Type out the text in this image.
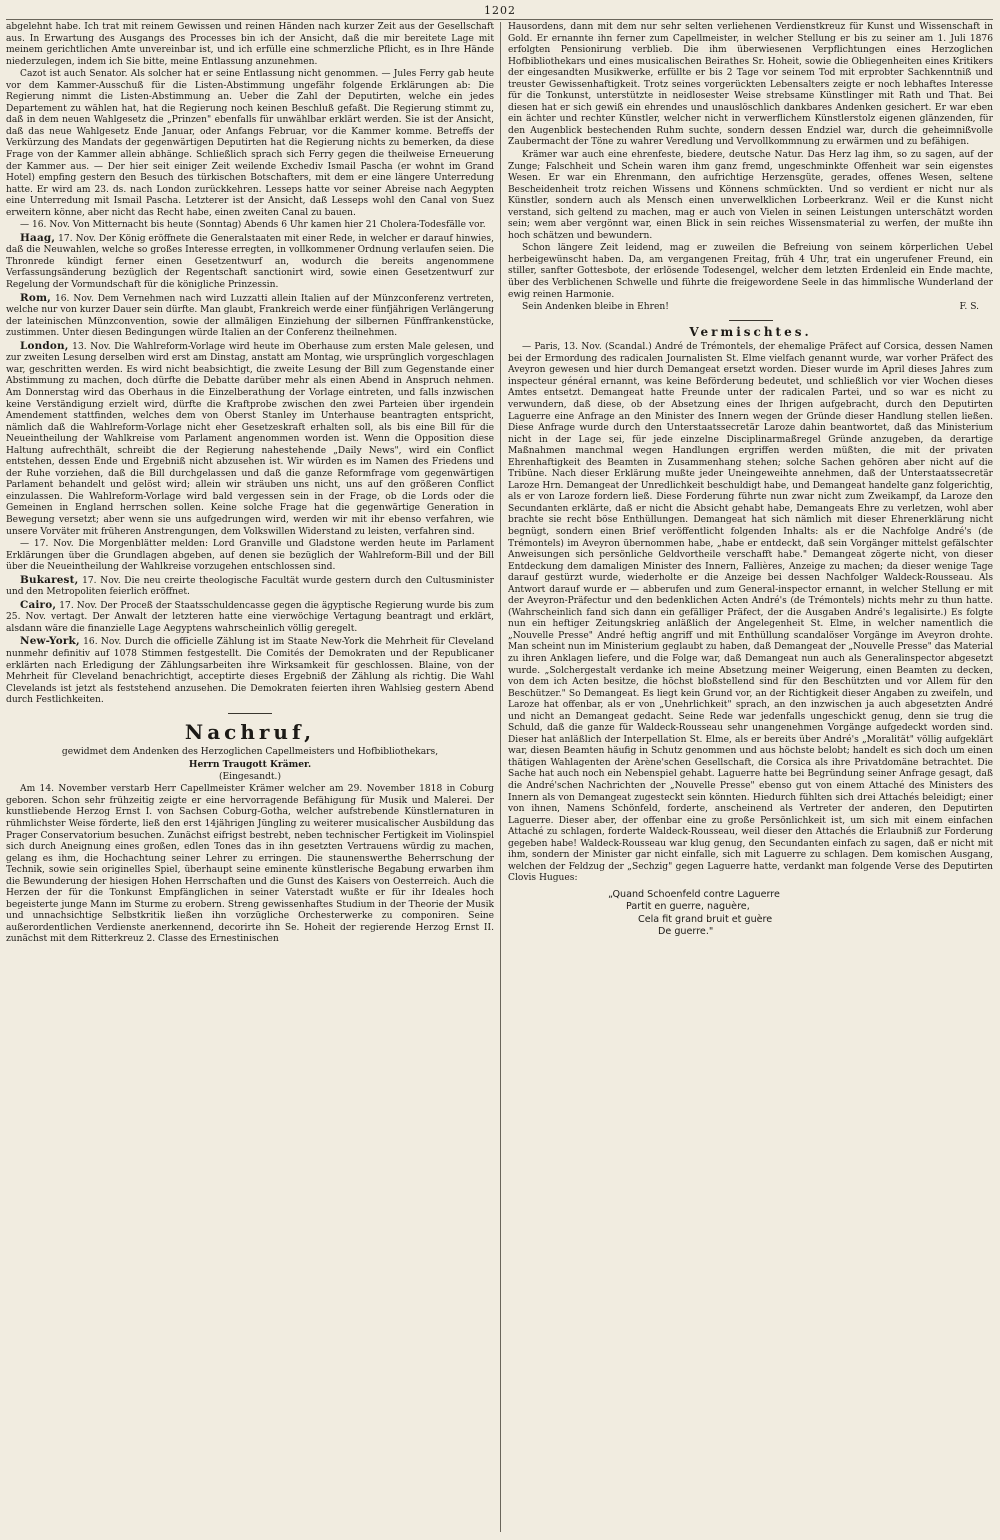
1202

abgelehnt habe. Ich trat mit reinem Gewissen und reinen Händen nach kurzer Zeit aus der Gesellschaft aus. In Erwartung des Ausgangs des Processes bin ich der Ansicht, daß die mir bereitete Lage mit meinem gerichtlichen Amte unvereinbar ist, und ich erfülle eine schmerzliche Pflicht, es in Ihre Hände niederzulegen, indem ich Sie bitte, meine Entlassung anzunehmen.

Cazot ist auch Senator. Als solcher hat er seine Entlassung nicht genommen. — Jules Ferry gab heute vor dem Kammer-Ausschuß für die Listen-Abstimmung ungefähr folgende Erklärungen ab: Die Regierung nimmt die Listen-Abstimmung an. Ueber die Zahl der Deputirten, welche ein jedes Departement zu wählen hat, hat die Regierung noch keinen Beschluß gefaßt. Die Regierung stimmt zu, daß in dem neuen Wahlgesetz die „Prinzen" ebenfalls für unwählbar erklärt werden. Sie ist der Ansicht, daß das neue Wahlgesetz Ende Januar, oder Anfangs Februar, vor die Kammer komme. Betreffs der Verkürzung des Mandats der gegenwärtigen Deputirten hat die Regierung nichts zu bemerken, da diese Frage von der Kammer allein abhänge. Schließlich sprach sich Ferry gegen die theilweise Erneuerung der Kammer aus. — Der hier seit einiger Zeit weilende Exchediv Ismail Pascha (er wohnt im Grand Hotel) empfing gestern den Besuch des türkischen Botschafters, mit dem er eine längere Unterredung hatte. Er wird am 23. ds. nach London zurückkehren. Lesseps hatte vor seiner Abreise nach Aegypten eine Unterredung mit Ismail Pascha. Letzterer ist der Ansicht, daß Lesseps wohl den Canal von Suez erweitern könne, aber nicht das Recht habe, einen zweiten Canal zu bauen.

— 16. Nov. Von Mitternacht bis heute (Sonntag) Abends 6 Uhr kamen hier 21 Cholera-Todesfälle vor.

Haag, 17. Nov. Der König eröffnete die Generalstaaten mit einer Rede, in welcher er darauf hinwies, daß die Neuwahlen, welche so großes Interesse erregten, in vollkommener Ordnung verlaufen seien. Die Thronrede kündigt ferner einen Gesetzentwurf an, wodurch die bereits angenommene Verfassungsänderung bezüglich der Regentschaft sanctionirt wird, sowie einen Gesetzentwurf zur Regelung der Vormundschaft für die königliche Prinzessin.

Rom, 16. Nov. Dem Vernehmen nach wird Luzzatti allein Italien auf der Münzconferenz vertreten, welche nur von kurzer Dauer sein dürfte. Man glaubt, Frankreich werde einer fünfjährigen Verlängerung der lateinischen Münzconvention, sowie der allmäligen Einziehung der silbernen Fünffrankenstücke, zustimmen. Unter diesen Bedingungen würde Italien an der Conferenz theilnehmen.

London, 13. Nov. Die Wahlreform-Vorlage wird heute im Oberhause zum ersten Male gelesen, und zur zweiten Lesung derselben wird erst am Dinstag, anstatt am Montag, wie ursprünglich vorgeschlagen war, geschritten werden. Es wird nicht beabsichtigt, die zweite Lesung der Bill zum Gegenstande einer Abstimmung zu machen, doch dürfte die Debatte darüber mehr als einen Abend in Anspruch nehmen. Am Donnerstag wird das Oberhaus in die Einzelberathung der Vorlage eintreten, und falls inzwischen keine Verständigung erzielt wird, dürfte die Kraftprobe zwischen den zwei Parteien über irgendein Amendement stattfinden, welches dem von Oberst Stanley im Unterhause beantragten entspricht, nämlich daß die Wahlreform-Vorlage nicht eher Gesetzeskraft erhalten soll, als bis eine Bill für die Neueintheilung der Wahlkreise vom Parlament angenommen worden ist. Wenn die Opposition diese Haltung aufrechthält, schreibt die der Regierung nahestehende „Daily News", wird ein Conflict entstehen, dessen Ende und Ergebniß nicht abzusehen ist. Wir würden es im Namen des Friedens und der Ruhe vorziehen, daß die Bill durchgelassen und daß die ganze Reformfrage vom gegenwärtigen Parlament behandelt und gelöst wird; allein wir sträuben uns nicht, uns auf den größeren Conflict einzulassen. Die Wahlreform-Vorlage wird bald vergessen sein in der Frage, ob die Lords oder die Gemeinen in England herrschen sollen. Keine solche Frage hat die gegenwärtige Generation in Bewegung versetzt; aber wenn sie uns aufgedrungen wird, werden wir mit ihr ebenso verfahren, wie unsere Vorväter mit früheren Anstrengungen, dem Volkswillen Widerstand zu leisten, verfahren sind.

— 17. Nov. Die Morgenblätter melden: Lord Granville und Gladstone werden heute im Parlament Erklärungen über die Grundlagen abgeben, auf denen sie bezüglich der Wahlreform-Bill und der Bill über die Neueintheilung der Wahlkreise vorzugehen entschlossen sind.

Bukarest, 17. Nov. Die neu creirte theologische Facultät wurde gestern durch den Cultusminister und den Metropoliten feierlich eröffnet.

Cairo, 17. Nov. Der Proceß der Staatsschuldencasse gegen die ägyptische Regierung wurde bis zum 25. Nov. vertagt. Der Anwalt der letzteren hatte eine vierwöchige Vertagung beantragt und erklärt, alsdann wäre die finanzielle Lage Aegyptens wahrscheinlich völlig geregelt.

New-York, 16. Nov. Durch die officielle Zählung ist im Staate New-York die Mehrheit für Cleveland nunmehr definitiv auf 1078 Stimmen festgestellt. Die Comités der Demokraten und der Republicaner erklärten nach Erledigung der Zählungsarbeiten ihre Wirksamkeit für geschlossen. Blaine, von der Mehrheit für Cleveland benachrichtigt, acceptirte dieses Ergebniß der Zählung als richtig. Die Wahl Clevelands ist jetzt als feststehend anzusehen. Die Demokraten feierten ihren Wahlsieg gestern Abend durch Festlichkeiten.

Nachruf,

gewidmet dem Andenken des Herzoglichen Capellmeisters und Hofbibliothekars,

Herrn Traugott Krämer.

(Eingesandt.)

Am 14. November verstarb Herr Capellmeister Krämer welcher am 29. November 1818 in Coburg geboren. Schon sehr frühzeitig zeigte er eine hervorragende Befähigung für Musik und Malerei. Der kunstliebende Herzog Ernst I. von Sachsen Coburg-Gotha, welcher aufstrebende Künstlernaturen in rühmlichster Weise förderte, ließ den erst 14jährigen Jüngling zu weiterer musicalischer Ausbildung das Prager Conservatorium besuchen. Zunächst eifrigst bestrebt, neben technischer Fertigkeit im Violinspiel sich durch Aneignung eines großen, edlen Tones das in ihn gesetzten Vertrauens würdig zu machen, gelang es ihm, die Hochachtung seiner Lehrer zu erringen. Die staunenswerthe Beherrschung der Technik, sowie sein originelles Spiel, überhaupt seine eminente künstlerische Begabung erwarben ihm die Bewunderung der hiesigen Hohen Herrschaften und die Gunst des Kaisers von Oesterreich. Auch die Herzen der für die Tonkunst Empfänglichen in seiner Vaterstadt wußte er für ihr Ideales hoch begeisterte junge Mann im Sturme zu erobern. Streng gewissenhaftes Studium in der Theorie der Musik und unnachsichtige Selbstkritik ließen ihn vorzügliche Orchesterwerke zu componiren. Seine außerordentlichen Verdienste anerkennend, decorirte ihn Se. Hoheit der regierende Herzog Ernst II. zunächst mit dem Ritterkreuz 2. Classe des Ernestinischen

Hausordens, dann mit dem nur sehr selten verliehenen Verdienstkreuz für Kunst und Wissenschaft in Gold. Er ernannte ihn ferner zum Capellmeister, in welcher Stellung er bis zu seiner am 1. Juli 1876 erfolgten Pensionirung verblieb. Die ihm überwiesenen Verpflichtungen eines Herzoglichen Hofbibliothekars und eines musicalischen Beirathes Sr. Hoheit, sowie die Obliegenheiten eines Kritikers der eingesandten Musikwerke, erfüllte er bis 2 Tage vor seinem Tod mit erprobter Sachkenntniß und treuster Gewissenhaftigkeit. Trotz seines vorgerückten Lebensalters zeigte er noch lebhaftes Interesse für die Tonkunst, unterstützte in neidlosester Weise strebsame Künstlinger mit Rath und That. Bei diesen hat er sich gewiß ein ehrendes und unauslöschlich dankbares Andenken gesichert. Er war eben ein ächter und rechter Künstler, welcher nicht in verwerflichem Künstlerstolz eigenen glänzenden, für den Augenblick bestechenden Ruhm suchte, sondern dessen Endziel war, durch die geheimnißvolle Zaubermacht der Töne zu wahrer Veredlung und Vervollkommnung zu erwärmen und zu befähigen.

Krämer war auch eine ehrenfeste, biedere, deutsche Natur. Das Herz lag ihm, so zu sagen, auf der Zunge; Falschheit und Schein waren ihm ganz fremd, ungeschminkte Offenheit war sein eigenstes Wesen. Er war ein Ehrenmann, den aufrichtige Herzensgüte, gerades, offenes Wesen, seltene Bescheidenheit trotz reichen Wissens und Könnens schmückten. Und so verdient er nicht nur als Künstler, sondern auch als Mensch einen unverwelklichen Lorbeerkranz. Weil er die Kunst nicht verstand, sich geltend zu machen, mag er auch von Vielen in seinen Leistungen unterschätzt worden sein; wem aber vergönnt war, einen Blick in sein reiches Wissensmaterial zu werfen, der mußte ihn hoch schätzen und bewundern.

Schon längere Zeit leidend, mag er zuweilen die Befreiung von seinem körperlichen Uebel herbeigewünscht haben. Da, am vergangenen Freitag, früh 4 Uhr, trat ein ungerufener Freund, ein stiller, sanfter Gottesbote, der erlösende Todesengel, welcher dem letzten Erdenleid ein Ende machte, über des Verblichenen Schwelle und führte die freigewordene Seele in das himmlische Wunderland der ewig reinen Harmonie.

Sein Andenken bleibe in Ehren!	F. S.

Vermischtes.

— Paris, 13. Nov. (Scandal.) André de Trémontels, der ehemalige Präfect auf Corsica, dessen Namen bei der Ermordung des radicalen Journalisten St. Elme vielfach genannt wurde, war vorher Präfect des Aveyron gewesen und hier durch Demangeat ersetzt worden. Dieser wurde im April dieses Jahres zum inspecteur général ernannt, was keine Beförderung bedeutet, und schließlich vor vier Wochen dieses Amtes entsetzt. Demangeat hatte Freunde unter der radicalen Partei, und so war es nicht zu verwundern, daß diese, ob der Absetzung eines der Ihrigen aufgebracht, durch den Deputirten Laguerre eine Anfrage an den Minister des Innern wegen der Gründe dieser Handlung stellen ließen. Diese Anfrage wurde durch den Unterstaatssecretär Laroze dahin beantwortet, daß das Ministerium nicht in der Lage sei, für jede einzelne Disciplinarmaßregel Gründe anzugeben, da derartige Maßnahmen manchmal wegen Handlungen ergriffen werden müßten, die mit der privaten Ehrenhaftigkeit des Beamten in Zusammenhang stehen; solche Sachen gehören aber nicht auf die Tribüne. Nach dieser Erklärung mußte jeder Uneingeweihte annehmen, daß der Unterstaatssecretär Laroze Hrn. Demangeat der Unredlichkeit beschuldigt habe, und Demangeat handelte ganz folgerichtig, als er von Laroze fordern ließ. Diese Forderung führte nun zwar nicht zum Zweikampf, da Laroze den Secundanten erklärte, daß er nicht die Absicht gehabt habe, Demangeats Ehre zu verletzen, wohl aber brachte sie recht böse Enthüllungen. Demangeat hat sich nämlich mit dieser Ehrenerklärung nicht begnügt, sondern einen Brief veröffentlicht folgenden Inhalts: als er die Nachfolge André's (de Trémontels) im Aveyron übernommen habe, „habe er entdeckt, daß sein Vorgänger mittelst gefälschter Anweisungen sich persönliche Geldvortheile verschafft habe." Demangeat zögerte nicht, von dieser Entdeckung dem damaligen Minister des Innern, Fallières, Anzeige zu machen; da dieser wenige Tage darauf gestürzt wurde, wiederholte er die Anzeige bei dessen Nachfolger Waldeck-Rousseau. Als Antwort darauf wurde er — abberufen und zum General-inspector ernannt, in welcher Stellung er mit der Aveyron-Präfectur und den bedenklichen Acten André's (de Trémontels) nichts mehr zu thun hatte. (Wahrscheinlich fand sich dann ein gefälliger Präfect, der die Ausgaben André's legalisirte.) Es folgte nun ein heftiger Zeitungskrieg anläßlich der Angelegenheit St. Elme, in welcher namentlich die „Nouvelle Presse" André heftig angriff und mit Enthüllung scandalöser Vorgänge im Aveyron drohte. Man scheint nun im Ministerium geglaubt zu haben, daß Demangeat der „Nouvelle Presse" das Material zu ihren Anklagen liefere, und die Folge war, daß Demangeat nun auch als Generalinspector abgesetzt wurde. „Solchergestalt verdanke ich meine Absetzung meiner Weigerung, einen Beamten zu decken, von dem ich Acten besitze, die höchst bloßstellend sind für den Beschützten und vor Allem für den Beschützer." So Demangeat. Es liegt kein Grund vor, an der Richtigkeit dieser Angaben zu zweifeln, und Laroze hat offenbar, als er von „Unehrlichkeit" sprach, an den inzwischen ja auch abgesetzten André und nicht an Demangeat gedacht. Seine Rede war jedenfalls ungeschickt genug, denn sie trug die Schuld, daß die ganze für Waldeck-Rousseau sehr unangenehmen Vorgänge aufgedeckt worden sind. Dieser hat anläßlich der Interpellation St. Elme, als er bereits über André's „Moralität" völlig aufgeklärt war, diesen Beamten häufig in Schutz genommen und aus höchste belobt; handelt es sich doch um einen thätigen Wahlagenten der Arène'schen Gesellschaft, die Corsica als ihre Privatdomäne betrachtet. Die Sache hat auch noch ein Nebenspiel gehabt. Laguerre hatte bei Begründung seiner Anfrage gesagt, daß die André'schen Nachrichten der „Nouvelle Presse" ebenso gut von einem Attaché des Ministers des Innern als von Demangeat zugesteckt sein könnten. Hiedurch fühlten sich drei Attachés beleidigt; einer von ihnen, Namens Schönfeld, forderte, anscheinend als Vertreter der anderen, den Deputirten Laguerre. Dieser aber, der offenbar eine zu große Persönlichkeit ist, um sich mit einem einfachen Attaché zu schlagen, forderte Waldeck-Rousseau, weil dieser den Attachés die Erlaubniß zur Forderung gegeben habe! Waldeck-Rousseau war klug genug, den Secundanten einfach zu sagen, daß er nicht mit ihm, sondern der Minister gar nicht einfalle, sich mit Laguerre zu schlagen. Dem komischen Ausgang, welchen der Feldzug der „Sechzig" gegen Laguerre hatte, verdankt man folgende Verse des Deputirten Clovis Hugues:

„Quand Schoenfeld contre Laguerre
Partit en guerre, naguère,
Cela fit grand bruit et guère
De guerre."
